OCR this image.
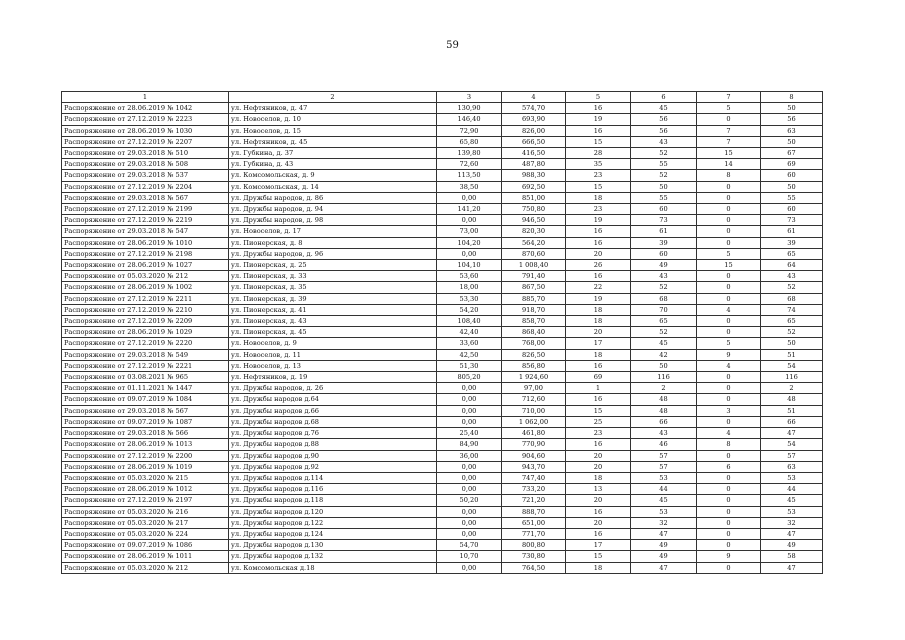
59
1	2	3	4	5	6	7	8
Распоряжение от 28.06.2019 № 1042	ул. Нефтяников, д. 47	130,90	574,70	16	45	5	50
Распоряжение от 27.12.2019 № 2223	ул. Новоселов, д. 10	146,40	693,90	19	56	0	56
Распоряжение от 28.06.2019 № 1030	ул. Новоселов, д. 15	72,90	826,00	16	56	7	63
Распоряжение от 27.12.2019 № 2207	ул. Нефтяников, д. 45	65,80	666,50	15	43	7	50
Распоряжение от 29.03.2018 № 510	ул. Губкина, д. 37	139,80	416,50	28	52	15	67
Распоряжение от 29.03.2018 № 508	ул. Губкина, д. 43	72,60	487,80	35	55	14	69
Распоряжение от 29.03.2018 № 537	ул. Комсомольская, д. 9	113,50	988,30	23	52	8	60
Распоряжение от 27.12.2019 № 2204	ул. Комсомольская, д. 14	38,50	692,50	15	50	0	50
Распоряжение от 29.03.2018 № 567	ул. Дружбы народов, д. 86	0,00	851,00	18	55	0	55
Распоряжение от 27.12.2019 № 2199	ул. Дружбы народов, д. 94	141,20	750,80	23	60	0	60
Распоряжение от 27.12.2019 № 2219	ул. Дружбы народов, д. 98	0,00	946,50	19	73	0	73
Распоряжение от 29.03.2018 № 547	ул. Новоселов, д. 17	73,00	820,30	16	61	0	61
Распоряжение от 28.06.2019 № 1010	ул. Пионерская, д. 8	104,20	564,20	16	39	0	39
Распоряжение от 27.12.2019 № 2198	ул. Дружбы народов, д. 96	0,00	870,60	20	60	5	65
Распоряжение от 28.06.2019 № 1027	ул. Пионерская, д. 25	104,10	1 008,40	26	49	15	64
Распоряжение от 05.03.2020 № 212	ул. Пионерская, д. 33	53,60	791,40	16	43	0	43
Распоряжение от 28.06.2019 № 1002	ул. Пионерская, д. 35	18,00	867,50	22	52	0	52
Распоряжение от 27.12.2019 № 2211	ул. Пионерская, д. 39	53,30	885,70	19	68	0	68
Распоряжение от 27.12.2019 № 2210	ул. Пионерская, д. 41	54,20	918,70	18	70	4	74
Распоряжение от 27.12.2019 № 2209	ул. Пионерская, д. 43	108,40	858,70	18	65	0	65
Распоряжение от 28.06.2019 № 1029	ул. Пионерская, д. 45	42,40	868,40	20	52	0	52
Распоряжение от 27.12.2019 № 2220	ул. Новоселов, д. 9	33,60	768,00	17	45	5	50
Распоряжение от 29.03.2018 № 549	ул. Новоселов, д. 11	42,50	826,50	18	42	9	51
Распоряжение от 27.12.2019 № 2221	ул. Новоселов, д. 13	51,30	856,80	16	50	4	54
Распоряжение от 03.08.2021 № 965	ул. Нефтяников, д. 19	805,20	1 924,60	69	116	0	116
Распоряжение от 01.11.2021 № 1447	ул. Дружбы народов, д. 26	0,00	97,00	1	2	0	2
Распоряжение от 09.07.2019 № 1084	ул. Дружбы народов д.64	0,00	712,60	16	48	0	48
Распоряжение от 29.03.2018 № 567	ул. Дружбы народов д.66	0,00	710,00	15	48	3	51
Распоряжение от 09.07.2019 № 1087	ул. Дружбы народов д.68	0,00	1 062,00	25	66	0	66
Распоряжение от 29.03.2018 № 566	ул. Дружбы народов д.76	25,40	461,80	23	43	4	47
Распоряжение от 28.06.2019 № 1013	ул. Дружбы народов д.88	84,90	770,90	16	46	8	54
Распоряжение от 27.12.2019 № 2200	ул. Дружбы народов д.90	36,00	904,60	20	57	0	57
Распоряжение от 28.06.2019 № 1019	ул. Дружбы народов д.92	0,00	943,70	20	57	6	63
Распоряжение от 05.03.2020 № 215	ул. Дружбы народов д.114	0,00	747,40	18	53	0	53
Распоряжение от 28.06.2019 № 1012	ул. Дружбы народов д.116	0,00	733,20	13	44	0	44
Распоряжение от 27.12.2019 № 2197	ул. Дружбы народов д.118	50,20	721,20	20	45	0	45
Распоряжение от 05.03.2020 № 216	ул. Дружбы народов д.120	0,00	888,70	16	53	0	53
Распоряжение от 05.03.2020 № 217	ул. Дружбы народов д.122	0,00	651,00	20	32	0	32
Распоряжение от 05.03.2020 № 224	ул. Дружбы народов д.124	0,00	771,70	16	47	0	47
Распоряжение от 09.07.2019 № 1086	ул. Дружбы народов д.130	54,70	800,80	17	49	0	49
Распоряжение от 28.06.2019 № 1011	ул. Дружбы народов д.132	10,70	730,80	15	49	9	58
Распоряжение от 05.03.2020 № 212	ул. Комсомольская д.18	0,00	764,50	18	47	0	47
